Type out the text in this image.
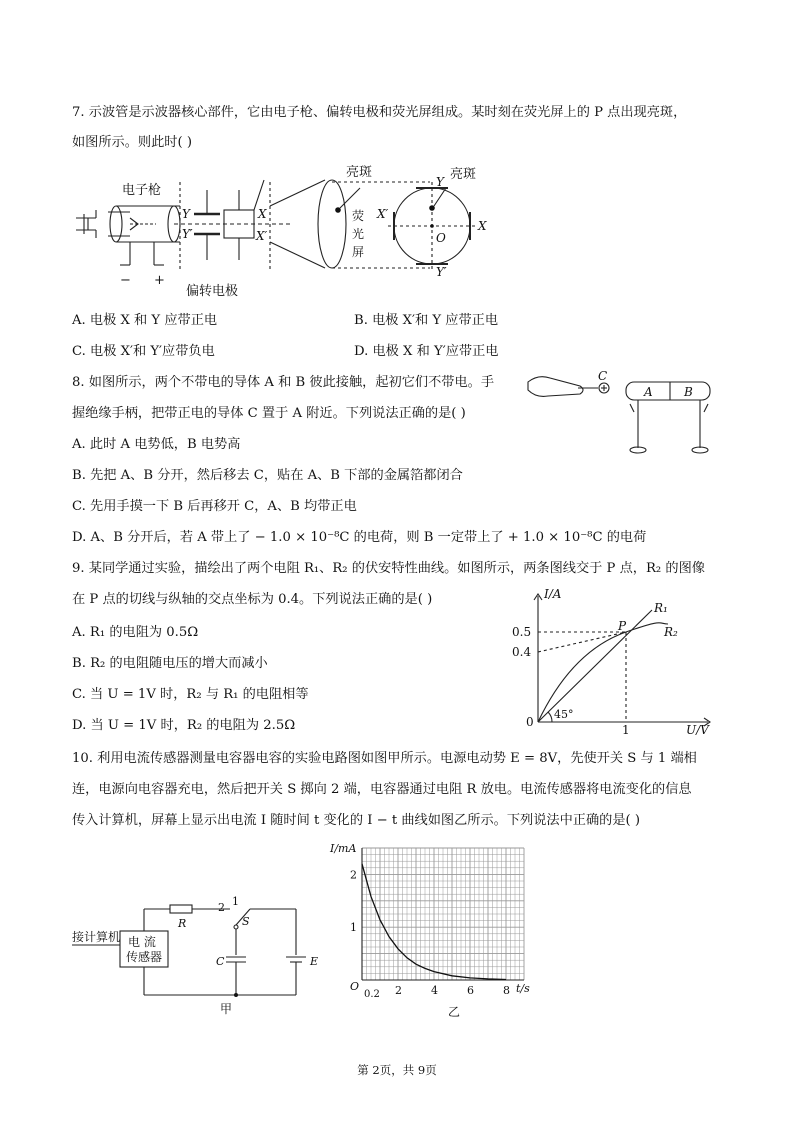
7. 示波管是示波器核心部件，它由电子枪、偏转电极和荧光屏组成。某时刻在荧光屏上的 P 点出现亮斑，
如图所示。则此时( )
电子枪
偏转电极
Y
Y′
X
X′
− +
亮斑	亮斑
荧
光
屏
Y
Y′
X
X′
O
A. 电极 X 和 Y 应带正电	B. 电极 X′和 Y 应带正电
C. 电极 X′和 Y′应带负电	D. 电极 X 和 Y′应带正电
8. 如图所示，两个不带电的导体 A 和 B 彼此接触，起初它们不带电。手
握绝缘手柄，把带正电的导体 C 置于 A 附近。下列说法正确的是( )
C
A	B
A. 此时 A 电势低，B 电势高
B. 先把 A、B 分开，然后移去 C，贴在 A、B 下部的金属箔都闭合
C. 先用手摸一下 B 后再移开 C，A、B 均带正电
D. A、B 分开后，若 A 带上了 − 1.0 × 10⁻⁸C 的电荷，则 B 一定带上了 + 1.0 × 10⁻⁸C 的电荷
9. 某同学通过实验，描绘出了两个电阻 R₁、R₂ 的伏安特性曲线。如图所示，两条图线交于 P 点，R₂ 的图像
在 P 点的切线与纵轴的交点坐标为 0.4。下列说法正确的是( )
A. R₁ 的电阻为 0.5Ω
B. R₂ 的电阻随电压的增大而减小
C. 当 U = 1V 时，R₂ 与 R₁ 的电阻相等
D. 当 U = 1V 时，R₂ 的电阻为 2.5Ω
I/A
U/V
0.5
0.4
1
0
45°
P
R₁
R₂
10. 利用电流传感器测量电容器电容的实验电路图如图甲所示。电源电动势 E = 8V，先使开关 S 与 1 端相
连，电源向电容器充电，然后把开关 S 掷向 2 端，电容器通过电阻 R 放电。电流传感器将电流变化的信息
传入计算机，屏幕上显示出电流 I 随时间 t 变化的 I − t 曲线如图乙所示。下列说法中正确的是( )
接计算机 电 流
传感器
R	S
C	E
1
2
甲
2	4	6	8
2
1
I/mA
t/s
O
0.2
乙
第 2页，共 9页
